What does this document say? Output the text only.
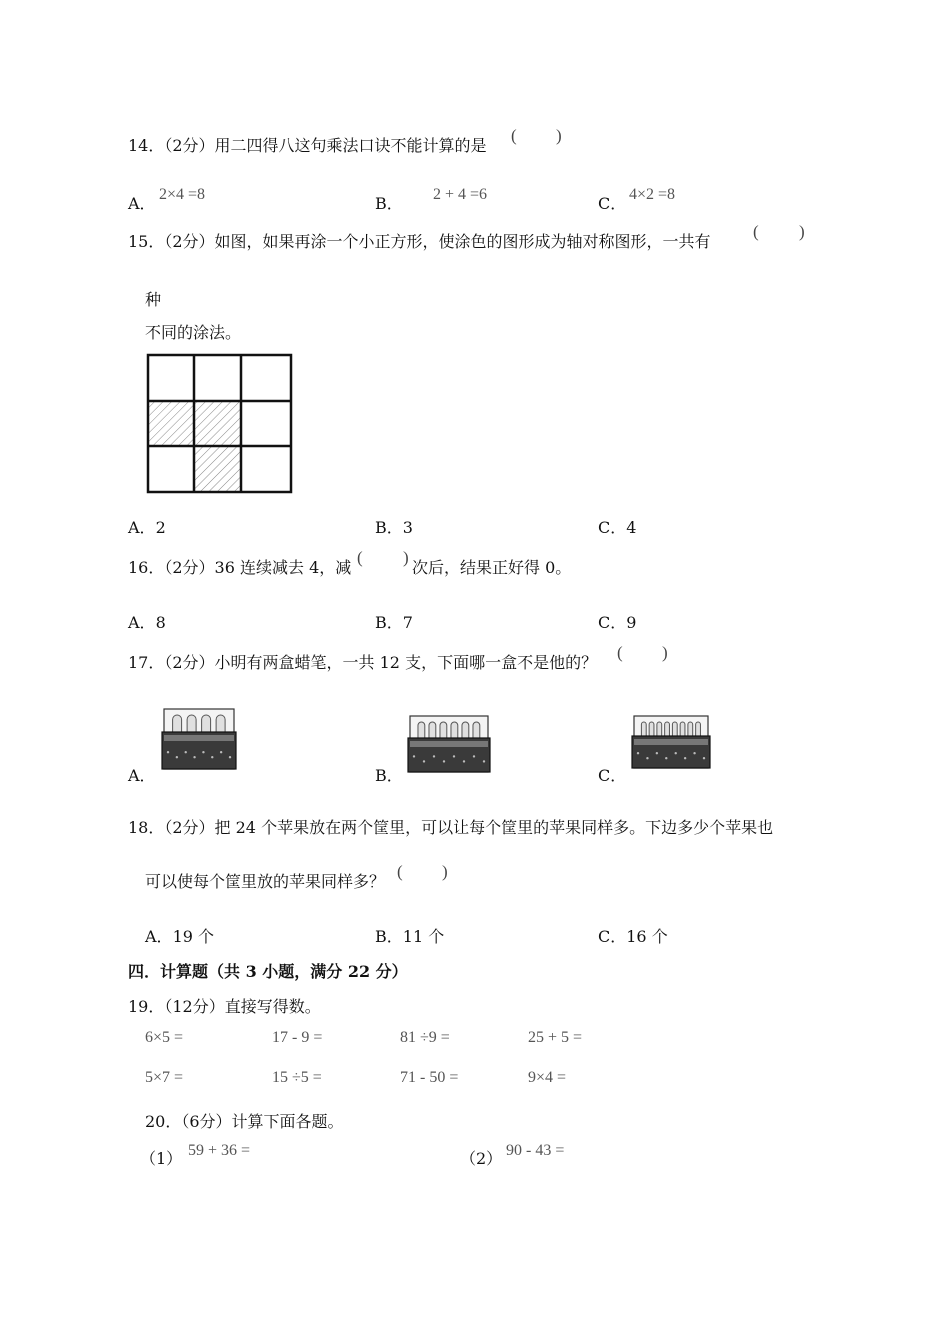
14．（2分）用二四得八这句乘法口诀不能计算的是
( )
A． 2×4 =8	B． 2 + 4 =6	C． 4×2 =8
15．（2分）如图，如果再涂一个小正方形，使涂色的图形成为轴对称图形，一共有
( )
种
不同的涂法。
A．2	B．3	C．4
16．（2分）36 连续减去 4，减
( )
次后，结果正好得 0。
A．8	B．7	C．9
17．（2分）小明有两盒蜡笔，一共 12 支，下面哪一盒不是他的？
( )
A．	B．	C．
18．（2分）把 24 个苹果放在两个筐里，可以让每个筐里的苹果同样多。下边多少个苹果也
可以使每个筐里放的苹果同样多？
( )
A．19 个	B．11 个	C．16 个
四．计算题（共 3 小题，满分 22 分）
19．（12分）直接写得数。
6×5 =	17 - 9 =	81 ÷9 =	25 + 5 =
5×7 =	15 ÷5 =	71 - 50 =	9×4 =
20．（6分）计算下面各题。
（1） 59 + 36 =	（2） 90 - 43 =
